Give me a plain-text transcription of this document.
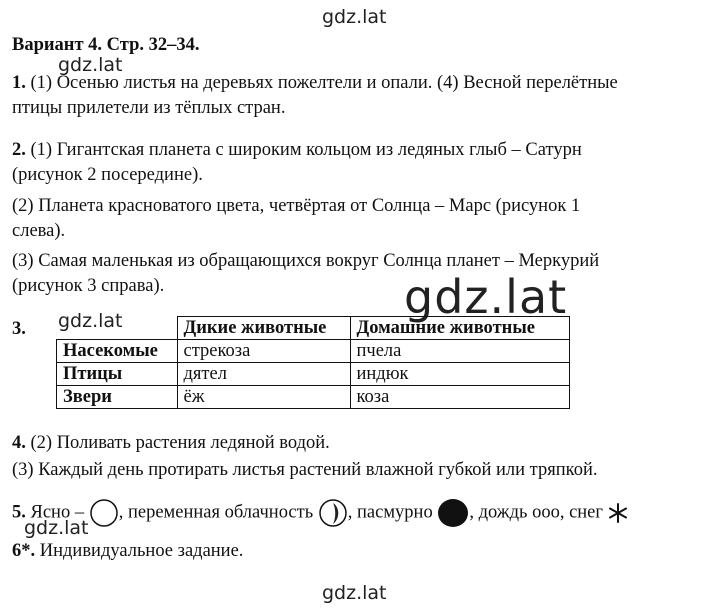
gdz.lat
gdz.lat
Вариант 4. Стр. 32–34.
1. (1) Осенью листья на деревьях пожелтели и опали. (4) Весной перелётные
птицы прилетели из тёплых стран.
2. (1) Гигантская планета с широким кольцом из ледяных глыб – Сатурн
(рисунок 2 посередине).
(2) Планета красноватого цвета, четвёртая от Солнца – Марс (рисунок 1
слева).
(3) Самая маленькая из обращающихся вокруг Солнца планет – Меркурий
(рисунок 3 справа).	gdz.lat
3. gdz.lat
		Дикие животные	Домашние животные
Насекомые	стрекоза	пчела
Птицы	дятел	индюк
Звери	ёж	коза
4. (2) Поливать растения ледяной водой.
(3) Каждый день протирать листья растений влажной губкой или тряпкой.
5. Ясно – , переменная облачность , пасмурно , дождь ооо, снег
gdz.lat
6*. Индивидуальное задание.
gdz.lat
